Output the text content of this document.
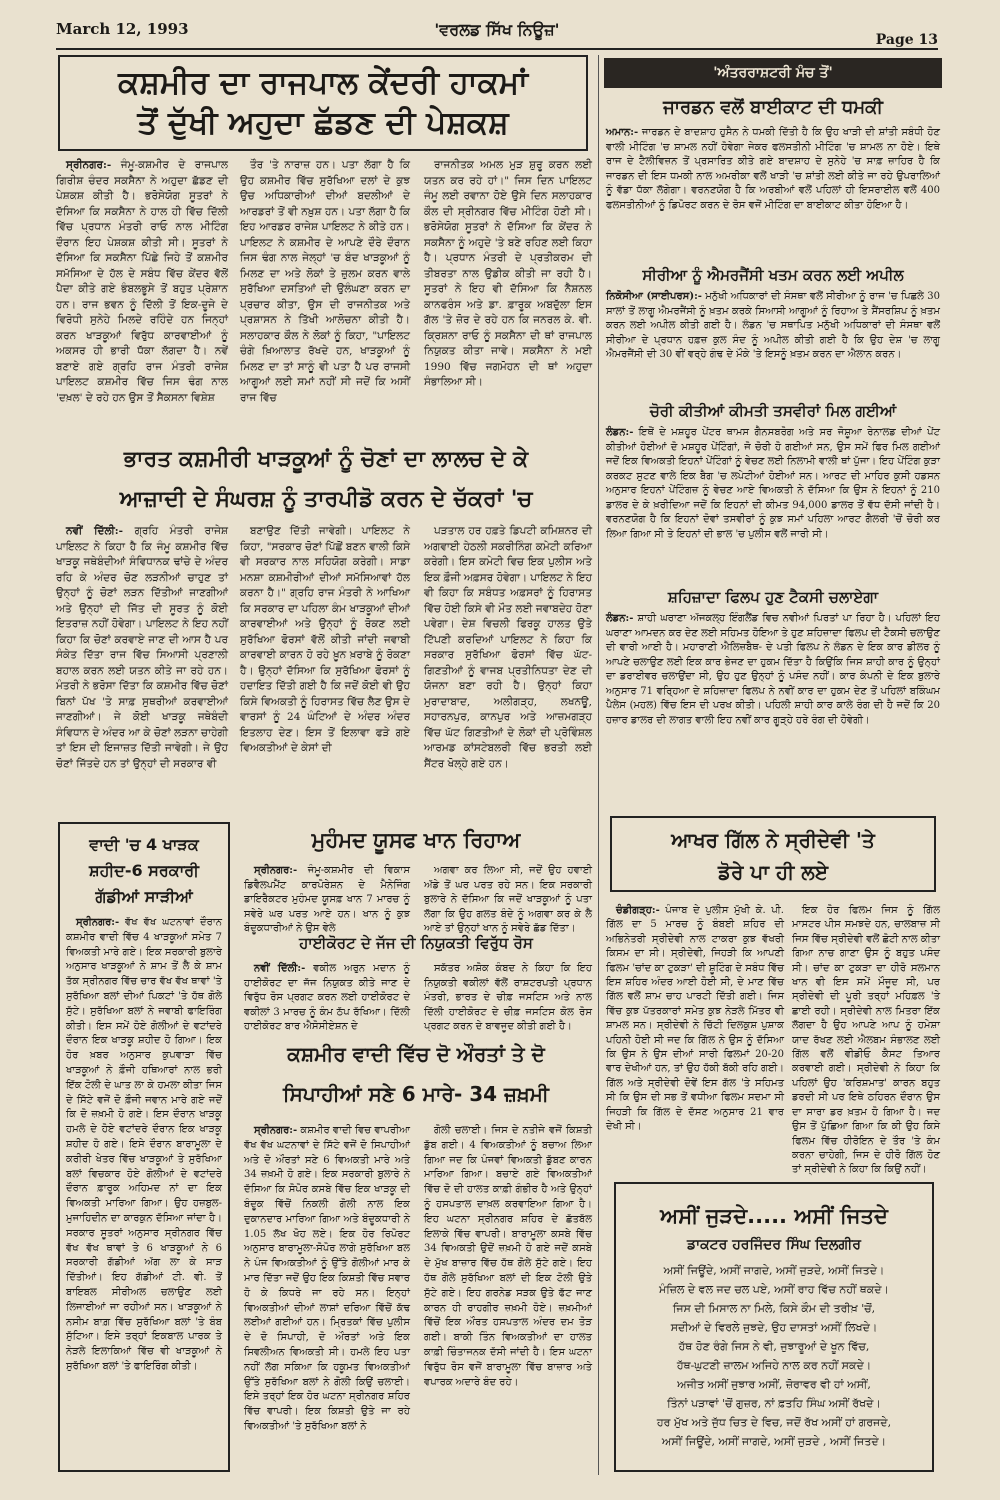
March 12, 1993	'ਵਰਲਡ ਸਿੱਖ ਨਿਊਜ਼'
Page 13
ਕਸ਼ਮੀਰ ਦਾ ਰਾਜਪਾਲ ਕੇਂਦਰੀ ਹਾਕਮਾਂ
ਤੋਂ ਦੁੱਖੀ ਅਹੁਦਾ ਛੱਡਣ ਦੀ ਪੇਸ਼ਕਸ਼

ਸ੍ਰੀਨਗਰ:- ਜੰਮੂ-ਕਸ਼ਮੀਰ ਦੇ ਰਾਜਪਾਲ ਗਿਰੀਸ਼ ਚੰਦਰ ਸਕਸੈਨਾ ਨੇ ਅਹੁਦਾ ਛੱਡਣ ਦੀ ਪੇਸ਼ਕਸ਼ ਕੀਤੀ ਹੈ। ਭਰੋਸੇਯੋਗ ਸੂਤਰਾਂ ਨੇ ਦੱਸਿਆ ਕਿ ਸਕਸੈਨਾ ਨੇ ਹਾਲ ਹੀ ਵਿੱਚ ਦਿੱਲੀ ਵਿੱਚ ਪ੍ਰਧਾਨ ਮੰਤਰੀ ਰਾਓ ਨਾਲ ਮੀਟਿੰਗ ਦੌਰਾਨ ਇਹ ਪੇਸ਼ਕਸ਼ ਕੀਤੀ ਸੀ। ਸੂਤਰਾਂ ਨੇ ਦੱਸਿਆ ਕਿ ਸਕਸੈਨਾ ਪਿੱਛੇ ਜਿਹੇ ਤੋਂ ਕਸ਼ਮੀਰ ਸਮੱਸਿਆ ਦੇ ਹੱਲ ਦੇ ਸਬੰਧ ਵਿੱਚ ਕੇਂਦਰ ਵੱਲੋਂ ਪੈਦਾ ਕੀਤੇ ਗਏ ਭੰਬਲਭੂਸੇ ਤੋਂ ਬਹੁਤ ਪ੍ਰੇਸ਼ਾਨ ਹਨ। ਰਾਜ ਭਵਨ ਨੂੰ ਦਿੱਲੀ ਤੋਂ ਇਕ-ਦੂਜੇ ਦੇ ਵਿਰੋਧੀ ਸੁਨੇਹੇ ਮਿਲਦੇ ਰਹਿੰਦੇ ਹਨ ਜਿਨ੍ਹਾਂ ਕਰਨ ਖਾੜਕੂਆਂ ਵਿਰੁੱਧ ਕਾਰਵਾਈਆਂ ਨੂੰ ਅਕਸਰ ਹੀ ਭਾਰੀ ਧੱਕਾ ਲੱਗਦਾ ਹੈ। ਨਵੇਂ ਬਣਾਏ ਗਏ ਗ੍ਰਹਿ ਰਾਜ ਮੰਤਰੀ ਰਾਜੇਸ਼ ਪਾਇਲਟ ਕਸ਼ਮੀਰ ਵਿੱਚ ਜਿਸ ਢੰਗ ਨਾਲ 'ਦਖ਼ਲ' ਦੇ ਰਹੇ ਹਨ ਉਸ ਤੋਂ ਸੈਕਸਨਾ ਵਿਸ਼ੇਸ਼

ਤੌਰ 'ਤੇ ਨਾਰਾਜ਼ ਹਨ। ਪਤਾ ਲੱਗਾ ਹੈ ਕਿ ਉਹ ਕਸ਼ਮੀਰ ਵਿੱਚ ਸੁਰੱਖਿਆ ਦਲਾਂ ਦੇ ਕੁਝ ਉਚ ਅਧਿਕਾਰੀਆਂ ਦੀਆਂ ਬਦਲੀਆਂ ਦੇ ਆਰਡਰਾਂ ਤੋਂ ਵੀ ਨਖ਼ੁਸ਼ ਹਨ। ਪਤਾ ਲੱਗਾ ਹੈ ਕਿ ਇਹ ਆਰਡਰ ਰਾਜੇਸ਼ ਪਾਇਲਟ ਨੇ ਕੀਤੇ ਹਨ। ਪਾਇਲਟ ਨੇ ਕਸ਼ਮੀਰ ਦੇ ਆਪਣੇ ਦੌਰੇ ਦੌਰਾਨ ਜਿਸ ਢੰਗ ਨਾਲ ਜੇਲ੍ਹਾਂ 'ਚ ਬੰਦ ਖਾੜਕੂਆਂ ਨੂੰ ਮਿਲਣ ਦਾ ਅਤੇ ਲੋਕਾਂ ਤੇ ਜ਼ੁਲਮ ਕਰਨ ਵਾਲੇ ਸੁਰੱਖਿਆ ਦਸਤਿਆਂ ਦੀ ਉਲੰਘਣਾ ਕਰਨ ਦਾ ਪ੍ਰਚਾਰ ਕੀਤਾ, ਉਸ ਦੀ ਰਾਜਨੀਤਕ ਅਤੇ ਪ੍ਰਸ਼ਾਸਨ ਨੇ ਤਿੱਖੀ ਆਲੋਚਨਾ ਕੀਤੀ ਹੈ। ਸਲਾਹਕਾਰ ਕੌਲ ਨੇ ਲੋਕਾਂ ਨੂੰ ਕਿਹਾ, "ਪਾਇਲਟ ਚੰਗੇ ਖ਼ਿਆਲਾਤ ਰੱਖਦੇ ਹਨ, ਖਾੜਕੂਆਂ ਨੂੰ ਮਿਲਣ ਦਾ ਤਾਂ ਸਾਨੂੰ ਵੀ ਪਤਾ ਹੈ ਪਰ ਰਾਜਸੀ ਆਗੂਆਂ ਲਈ ਸਮਾਂ ਨਹੀਂ ਸੀ ਜਦੋਂ ਕਿ ਅਸੀਂ ਰਾਜ ਵਿੱਚ

ਰਾਜਨੀਤਕ ਅਮਲ ਮੁੜ ਸ਼ੁਰੂ ਕਰਨ ਲਈ ਯਤਨ ਕਰ ਰਹੇ ਹਾਂ।" ਜਿਸ ਦਿਨ ਪਾਇਲਟ ਜੰਮੂ ਲਈ ਰਵਾਨਾ ਹੋਏ ਉਸੇ ਦਿਨ ਸਲਾਹਕਾਰ ਕੌਲ ਦੀ ਸ੍ਰੀਨਗਰ ਵਿੱਚ ਮੀਟਿੰਗ ਹੋਣੀ ਸੀ। ਭਰੋਸੇਯੋਗ ਸੂਤਰਾਂ ਨੇ ਦੱਸਿਆ ਕਿ ਕੇਂਦਰ ਨੇ ਸਕਸੈਨਾ ਨੂੰ ਅਹੁਦੇ 'ਤੇ ਬਣੇ ਰਹਿਣ ਲਈ ਕਿਹਾ ਹੈ। ਪ੍ਰਧਾਨ ਮੰਤਰੀ ਦੇ ਪ੍ਰਤੀਕਰਮ ਦੀ ਤੀਬਰਤਾ ਨਾਲ ਉਡੀਕ ਕੀਤੀ ਜਾ ਰਹੀ ਹੈ। ਸੂਤਰਾਂ ਨੇ ਇਹ ਵੀ ਦੱਸਿਆ ਕਿ ਨੈਸ਼ਨਲ ਕਾਨਫਰੰਸ ਅਤੇ ਡਾ. ਫ਼ਾਰੂਕ ਅਬਦੁੱਲਾ ਇਸ ਗੱਲ 'ਤੇ ਜ਼ੋਰ ਦੇ ਰਹੇ ਹਨ ਕਿ ਜਨਰਲ ਕੇ. ਵੀ. ਕ੍ਰਿਸ਼ਨਾ ਰਾਓ ਨੂੰ ਸਕਸੈਨਾ ਦੀ ਥਾਂ ਰਾਜਪਾਲ ਨਿਯੁਕਤ ਕੀਤਾ ਜਾਵੇ। ਸਕਸੈਨਾ ਨੇ ਮਈ 1990 ਵਿੱਚ ਜਗਮੋਹਨ ਦੀ ਥਾਂ ਅਹੁਦਾ ਸੰਭਾਲਿਆ ਸੀ।

ਭਾਰਤ ਕਸ਼ਮੀਰੀ ਖਾੜਕੂਆਂ ਨੂੰ ਚੋਣਾਂ ਦਾ ਲਾਲਚ ਦੇ ਕੇ
ਆਜ਼ਾਦੀ ਦੇ ਸੰਘਰਸ਼ ਨੂੰ ਤਾਰਪੀਡੋ ਕਰਨ ਦੇ ਚੱਕਰਾਂ 'ਚ

ਨਵੀਂ ਦਿੱਲੀ:- ਗ੍ਰਹਿ ਮੰਤਰੀ ਰਾਜੇਸ਼ ਪਾਇਲਟ ਨੇ ਕਿਹਾ ਹੈ ਕਿ ਜੰਮੂ ਕਸ਼ਮੀਰ ਵਿੱਚ ਖਾੜਕੂ ਜਥੇਬੰਦੀਆਂ ਸੰਵਿਧਾਨਕ ਢਾਂਚੇ ਦੇ ਅੰਦਰ ਰਹਿ ਕੇ ਅੰਦਰ ਚੋਣ ਲੜਨੀਆਂ ਚਾਹੁਣ ਤਾਂ ਉਨ੍ਹਾਂ ਨੂੰ ਚੋਣਾਂ ਲੜਨ ਦਿੱਤੀਆਂ ਜਾਣਗੀਆਂ ਅਤੇ ਉਨ੍ਹਾਂ ਦੀ ਜਿੱਤ ਦੀ ਸੂਰਤ ਨੂੰ ਕੋਈ ਇਤਰਾਜ਼ ਨਹੀਂ ਹੋਵੇਗਾ। ਪਾਇਲਟ ਨੇ ਇਹ ਨਹੀਂ ਕਿਹਾ ਕਿ ਚੋਣਾਂ ਕਰਵਾਏ ਜਾਣ ਦੀ ਆਸ ਹੈ ਪਰ ਸੰਕੇਤ ਦਿੱਤਾ ਰਾਜ ਵਿੱਚ ਸਿਆਸੀ ਪ੍ਰਣਾਲੀ ਬਹਾਲ ਕਰਨ ਲਈ ਯਤਨ ਕੀਤੇ ਜਾ ਰਹੇ ਹਨ। ਮੰਤਰੀ ਨੇ ਭਰੋਸਾ ਦਿੱਤਾ ਕਿ ਕਸ਼ਮੀਰ ਵਿੱਚ ਚੋਣਾਂ ਬਿਨਾਂ ਪੱਖ 'ਤੇ ਸਾਫ਼ ਸੁਥਰੀਆਂ ਕਰਵਾਈਆਂ ਜਾਣਗੀਆਂ। ਜੇ ਕੋਈ ਖਾੜਕੂ ਜਥੇਬੰਦੀ ਸੰਵਿਧਾਨ ਦੇ ਅੰਦਰ ਆ ਕੇ ਚੋਣਾਂ ਲੜਨਾ ਚਾਹੇਗੀ ਤਾਂ ਇਸ ਦੀ ਇਜਾਜ਼ਤ ਦਿੱਤੀ ਜਾਵੇਗੀ। ਜੇ ਉਹ ਚੋਣਾਂ ਜਿੱਤਦੇ ਹਨ ਤਾਂ ਉਨ੍ਹਾਂ ਦੀ ਸਰਕਾਰ ਵੀ

ਬਣਾਉਣ ਦਿੱਤੀ ਜਾਵੇਗੀ। ਪਾਇਲਟ ਨੇ ਕਿਹਾ, "ਸਰਕਾਰ ਚੋਣਾਂ ਪਿੱਛੋਂ ਬਣਨ ਵਾਲੀ ਕਿਸੇ ਵੀ ਸਰਕਾਰ ਨਾਲ ਸਹਿਯੋਗ ਕਰੇਗੀ। ਸਾਡਾ ਮਨਸ਼ਾ ਕਸ਼ਮੀਰੀਆਂ ਦੀਆਂ ਸਮੱਸਿਆਵਾਂ ਹੱਲ ਕਰਨਾ ਹੈ।" ਗ੍ਰਹਿ ਰਾਜ ਮੰਤਰੀ ਨੇ ਆਖਿਆ ਕਿ ਸਰਕਾਰ ਦਾ ਪਹਿਲਾ ਕੰਮ ਖਾੜਕੂਆਂ ਦੀਆਂ ਕਾਰਵਾਈਆਂ ਅਤੇ ਉਨ੍ਹਾਂ ਨੂੰ ਰੋਕਣ ਲਈ ਸੁਰੱਖਿਆ ਫੋਰਸਾਂ ਵੱਲੋਂ ਕੀਤੀ ਜਾਂਦੀ ਜਵਾਬੀ ਕਾਰਵਾਈ ਕਾਰਨ ਹੋ ਰਹੇ ਖ਼ੂਨ ਖ਼ਰਾਬੇ ਨੂੰ ਰੋਕਣਾ ਹੈ। ਉਨ੍ਹਾਂ ਦੱਸਿਆ ਕਿ ਸੁਰੱਖਿਆ ਫੋਰਸਾਂ ਨੂੰ ਹਦਾਇਤ ਦਿੱਤੀ ਗਈ ਹੈ ਕਿ ਜਦੋਂ ਕੋਈ ਵੀ ਉਹ ਕਿਸੇ ਵਿਅਕਤੀ ਨੂੰ ਹਿਰਾਸਤ ਵਿੱਚ ਲੈਣ ਉਸ ਦੇ ਵਾਰਸਾਂ ਨੂੰ 24 ਘੰਟਿਆਂ ਦੇ ਅੰਦਰ ਅੰਦਰ ਇਤਲਾਹ ਦੇਣ। ਇਸ ਤੋਂ ਇਲਾਵਾ ਫੜੇ ਗਏ ਵਿਅਕਤੀਆਂ ਦੇ ਕੇਸਾਂ ਦੀ

ਪੜਤਾਲ ਹਰ ਹਫ਼ਤੇ ਡਿਪਟੀ ਕਮਿਸ਼ਨਰ ਦੀ ਅਗਵਾਈ ਹੇਠਲੀ ਸਕਰੀਨਿੰਗ ਕਮੇਟੀ ਕਰਿਆ ਕਰੇਗੀ। ਇਸ ਕਮੇਟੀ ਵਿਚ ਇਕ ਪੁਲੀਸ ਅਤੇ ਇਕ ਫ਼ੌਜੀ ਅਫ਼ਸਰ ਹੋਵੇਗਾ। ਪਾਇਲਟ ਨੇ ਇਹ ਵੀ ਕਿਹਾ ਕਿ ਸਬੰਧਤ ਅਫ਼ਸਰਾਂ ਨੂੰ ਹਿਰਾਸਤ ਵਿੱਚ ਹੋਈ ਕਿਸੇ ਵੀ ਮੌਤ ਲਈ ਜਵਾਬਦੇਹ ਹੋਣਾ ਪਵੇਗਾ। ਦੇਸ਼ ਵਿਚਲੀ ਫਿਰਕੂ ਹਾਲਤ ਉਤੇ ਟਿੱਪਣੀ ਕਰਦਿਆਂ ਪਾਇਲਟ ਨੇ ਕਿਹਾ ਕਿ ਸਰਕਾਰ ਸੁਰੱਖਿਆ ਫੋਰਸਾਂ ਵਿੱਚ ਘੱਟ-ਗਿਣਤੀਆਂ ਨੂੰ ਵਾਜਬ ਪ੍ਰਤੀਨਿਧਤਾ ਦੇਣ ਦੀ ਯੋਜਨਾ ਬਣਾ ਰਹੀ ਹੈ। ਉਨ੍ਹਾਂ ਕਿਹਾ ਮੁਰਾਦਾਬਾਦ, ਅਲੀਗੜ੍ਹ, ਲਖਨਊ, ਸਹਾਰਨਪੁਰ, ਕਾਨਪੁਰ ਅਤੇ ਆਜ਼ਮਗੜ੍ਹ ਵਿੱਚ ਘੱਟ ਗਿਣਤੀਆਂ ਦੇ ਲੋਕਾਂ ਦੀ ਪ੍ਰੋਵਿੰਸ਼ਲ ਆਰਮਡ ਕਾਂਸਟੇਬਲਰੀ ਵਿੱਚ ਭਰਤੀ ਲਈ ਸੈਂਟਰ ਖੋਲ੍ਹੇ ਗਏ ਹਨ।

ਵਾਦੀ 'ਚ 4 ਖਾੜਕ
ਸ਼ਹੀਦ-6 ਸਰਕਾਰੀ
ਗੱਡੀਆਂ ਸਾੜੀਆਂ

ਸ੍ਰੀਨਗਰ:- ਵੱਖ ਵੱਖ ਘਟਨਾਵਾਂ ਦੌਰਾਨ ਕਸ਼ਮੀਰ ਵਾਦੀ ਵਿੱਚ 4 ਖਾੜਕੂਆਂ ਸਮੇਤ 7 ਵਿਅਕਤੀ ਮਾਰੇ ਗਏ। ਇਕ ਸਰਕਾਰੀ ਬੁਲਾਰੇ ਅਨੁਸਾਰ ਖਾੜਕੂਆਂ ਨੇ ਸ਼ਾਮ ਤੋਂ ਲੈ ਕੇ ਸ਼ਾਮ ਤੱਕ ਸ੍ਰੀਨਗਰ ਵਿੱਚ ਚਾਰ ਵੱਖ ਵੱਖ ਥਾਵਾਂ 'ਤੇ ਸੁਰੱਖਿਆ ਬਲਾਂ ਦੀਆਂ ਪਿਕਟਾਂ 'ਤੇ ਹੱਥ ਗੋਲੇ ਸੁੱਟੇ। ਸੁਰੱਖਿਆ ਬਲਾਂ ਨੇ ਜਵਾਬੀ ਫਾਇਰਿੰਗ ਕੀਤੀ। ਇਸ ਸਮੇਂ ਹੋਏ ਗੋਲੀਆਂ ਦੇ ਵਟਾਂਦਰੇ ਦੌਰਾਨ ਇਕ ਖਾੜਕੂ ਸ਼ਹੀਦ ਹੋ ਗਿਆ। ਇਕ ਹੋਰ ਖ਼ਬਰ ਅਨੁਸਾਰ ਕੁਪਵਾੜਾ ਵਿੱਚ ਖਾੜਕੂਆਂ ਨੇ ਫ਼ੌਜੀ ਹਥਿਆਰਾਂ ਨਾਲ ਭਰੀ ਇੱਕ ਟੋਲੀ ਦੇ ਘਾਤ ਲਾ ਕੇ ਹਮਲਾ ਕੀਤਾ ਜਿਸ ਦੇ ਸਿੱਟੇ ਵਜੋਂ ਦੋ ਫ਼ੌਜੀ ਜਵਾਨ ਮਾਰੇ ਗਏ ਜਦੋਂ ਕਿ ਦੋ ਜ਼ਖ਼ਮੀ ਹੋ ਗਏ। ਇਸ ਦੌਰਾਨ ਖਾੜਕੂ ਹਮਲੇ ਦੇ ਹੋਏ ਵਟਾਂਦਰੇ ਦੌਰਾਨ ਇਕ ਖਾੜਕੂ ਸ਼ਹੀਦ ਹੋ ਗਏ। ਇਸੇ ਦੌਰਾਨ ਬਾਰਾਮੂਲਾ ਦੇ ਕਰੀਰੀ ਖੇਤਰ ਵਿੱਚ ਖਾੜਕੂਆਂ ਤੇ ਸੁਰੱਖਿਆ ਬਲਾਂ ਵਿਚਕਾਰ ਹੋਏ ਗੋਲੀਆਂ ਦੇ ਵਟਾਂਦਰੇ ਦੌਰਾਨ ਫ਼ਾਰੂਕ ਅਹਿਮਦ ਨਾਂ ਦਾ ਇਕ ਵਿਅਕਤੀ ਮਾਰਿਆ ਗਿਆ। ਉਹ ਹਜ਼ਬੁਲ-ਮੁਜਾਹਿਦੀਨ ਦਾ ਕਾਰਕੁਨ ਦੱਸਿਆ ਜਾਂਦਾ ਹੈ। ਸਰਕਾਰ ਸੂਤਰਾਂ ਅਨੁਸਾਰ ਸ੍ਰੀਨਗਰ ਵਿੱਚ ਵੱਖ ਵੱਖ ਥਾਵਾਂ ਤੇ 6 ਖਾੜਕੂਆਂ ਨੇ 6 ਸਰਕਾਰੀ ਗੱਡੀਆਂ ਅੱਗ ਲਾ ਕੇ ਸਾੜ ਦਿੱਤੀਆਂ। ਇਹ ਗੱਡੀਆਂ ਟੀ. ਵੀ. ਤੋਂ ਬਾਇਬਲ ਸੀਰੀਅਲ ਚਲਾਉਣ ਲਈ ਲਿਜਾਈਆਂ ਜਾ ਰਹੀਆਂ ਸਨ। ਖਾੜਕੂਆਂ ਨੇ ਨਸੀਮ ਬਾਗ਼ ਵਿੱਚ ਸੁਰੱਖਿਆ ਬਲਾਂ 'ਤੇ ਬੰਬ ਸੁੱਟਿਆ। ਇਸੇ ਤਰ੍ਹਾਂ ਇਕਬਾਲ ਪਾਰਕ ਤੇ ਨੇੜਲੇ ਇਲਾਕਿਆਂ ਵਿੱਚ ਵੀ ਖਾੜਕੂਆਂ ਨੇ ਸੁਰੱਖਿਆ ਬਲਾਂ 'ਤੇ ਫਾਇਰਿੰਗ ਕੀਤੀ।

ਮੁਹੰਮਦ ਯੂਸਫ ਖਾਨ ਰਿਹਾਅ

ਸ੍ਰੀਨਗਰ:- ਜੰਮੂ-ਕਸ਼ਮੀਰ ਦੀ ਵਿਕਾਸ ਡਿਵੈਲਪਮੈਂਟ ਕਾਰਪੋਰੇਸ਼ਨ ਦੇ ਮੈਨੇਜਿੰਗ ਡਾਇਰੈਕਟਰ ਮੁਹੰਮਦ ਯੂਸਫ਼ ਖਾਨ 7 ਮਾਰਚ ਨੂੰ ਸਵੇਰੇ ਘਰ ਪਰਤ ਆਏ ਹਨ। ਖਾਨ ਨੂੰ ਕੁਝ ਬੰਦੂਕਧਾਰੀਆਂ ਨੇ ਉਸ ਵੇਲੇ

ਅਗਵਾ ਕਰ ਲਿਆ ਸੀ, ਜਦੋਂ ਉਹ ਹਵਾਈ ਅੱਡੇ ਤੋਂ ਘਰ ਪਰਤ ਰਹੇ ਸਨ। ਇਕ ਸਰਕਾਰੀ ਬੁਲਾਰੇ ਨੇ ਦੱਸਿਆ ਕਿ ਜਦੋਂ ਖਾੜਕੂਆਂ ਨੂੰ ਪਤਾ ਲੱਗਾ ਕਿ ਉਹ ਗਲਤ ਬੰਦੇ ਨੂੰ ਅਗਵਾ ਕਰ ਕੇ ਲੈ ਆਏ ਤਾਂ ਉਨ੍ਹਾਂ ਖਾਨ ਨੂੰ ਸਵੇਰੇ ਛੱਡ ਦਿੱਤਾ।

ਹਾਈਕੋਰਟ ਦੇ ਜੱਜ ਦੀ ਨਿਯੁਕਤੀ ਵਿਰੁੱਧ ਰੋਸ

ਨਵੀਂ ਦਿੱਲੀ:- ਵਕੀਲ ਅਰੁਨ ਮਦਾਨ ਨੂੰ ਹਾਈਕੋਰਟ ਦਾ ਜੱਜ ਨਿਯੁਕਤ ਕੀਤੇ ਜਾਣ ਦੇ ਵਿਰੁੱਧ ਰੋਸ ਪ੍ਰਗਟ ਕਰਨ ਲਈ ਹਾਈਕੋਰਟ ਦੇ ਵਕੀਲਾਂ 3 ਮਾਰਚ ਨੂੰ ਕੰਮ ਠੱਪ ਰੱਖਿਆ। ਦਿੱਲੀ ਹਾਈਕੋਰਟ ਬਾਰ ਐਸੋਸੀਏਸ਼ਨ ਦੇ

ਸਕੱਤਰ ਅਸ਼ੋਕ ਕੰਬਦ ਨੇ ਕਿਹਾ ਕਿ ਇਹ ਨਿਯੁਕਤੀ ਵਕੀਲਾਂ ਵੱਲੋਂ ਰਾਸ਼ਟਰਪਤੀ ਪ੍ਰਧਾਨ ਮੰਤਰੀ, ਭਾਰਤ ਦੇ ਚੀਫ਼ ਜਸਟਿਸ ਅਤੇ ਨਾਲ ਦਿੱਲੀ ਹਾਈਕੋਰਟ ਦੇ ਚੀਫ਼ ਜਸਟਿਸ ਕੋਲ ਰੋਸ ਪ੍ਰਗਟ ਕਰਨ ਦੇ ਬਾਵਜੂਦ ਕੀਤੀ ਗਈ ਹੈ।

ਕਸ਼ਮੀਰ ਵਾਦੀ ਵਿੱਚ ਦੋ ਔਰਤਾਂ ਤੇ ਦੋ
ਸਿਪਾਹੀਆਂ ਸਣੇ 6 ਮਾਰੇ- 34 ਜ਼ਖ਼ਮੀ

ਸ੍ਰੀਨਗਰ:- ਕਸ਼ਮੀਰ ਵਾਦੀ ਵਿਚ ਵਾਪਰੀਆ ਵੱਖ ਵੱਖ ਘਟਨਾਵਾਂ ਦੇ ਸਿੱਟੇ ਵਜੋਂ ਦੋ ਸਿਪਾਹੀਆਂ ਅਤੇ ਦੋ ਔਰਤਾਂ ਸਣੇ 6 ਵਿਅਕਤੀ ਮਾਰੇ ਅਤੇ 34 ਜ਼ਖ਼ਮੀ ਹੋ ਗਏ। ਇਕ ਸਰਕਾਰੀ ਬੁਲਾਰੇ ਨੇ ਦੱਸਿਆ ਕਿ ਸੋਪੋਰ ਕਸਬੇ ਵਿੱਚ ਇਕ ਖਾੜਕੂ ਦੀ ਬੰਦੂਕ ਵਿੱਚੋਂ ਨਿਕਲੀ ਗੋਲੀ ਨਾਲ ਇਕ ਦੁਕਾਨਦਾਰ ਮਾਰਿਆ ਗਿਆ ਅਤੇ ਬੰਦੂਕਧਾਰੀ ਨੇ 1.05 ਲੱਖ ਖੋਹ ਲਏ। ਇਕ ਹੋਰ ਰਿਪੋਰਟ ਅਨੁਸਾਰ ਬਾਰਾਮੂਲਾ-ਸੋਪੋਰ ਲਾਗੇ ਸੁਰੱਖਿਆ ਬਲ ਨੇ ਪੰਜ ਵਿਅਕਤੀਆਂ ਨੂੰ ਉੱਤੇ ਗੋਲੀਆਂ ਮਾਰ ਕੇ ਮਾਰ ਦਿੱਤਾ ਜਦੋਂ ਉਹ ਇਕ ਕਿਸ਼ਤੀ ਵਿੱਚ ਸਵਾਰ ਹੋ ਕੇ ਕਿਧਰੇ ਜਾ ਰਹੇ ਸਨ। ਇਨ੍ਹਾਂ ਵਿਅਕਤੀਆਂ ਦੀਆਂ ਲਾਸ਼ਾਂ ਦਰਿਆ ਵਿੱਚੋਂ ਕੱਢ ਲਈਆਂ ਗਈਆਂ ਹਨ। ਮ੍ਰਿਤਕਾਂ ਵਿੱਚ ਪੁਲੀਸ ਦੇ ਦੋ ਸਿਪਾਹੀ, ਦੋ ਔਰਤਾਂ ਅਤੇ ਇਕ ਸਿਵਲੀਅਨ ਵਿਅਕਤੀ ਸੀ। ਹਮਲੇ ਇਹ ਪਤਾ ਨਹੀਂ ਲੱਗ ਸਕਿਆ ਕਿ ਹਕੂਮਤ ਵਿਅਕਤੀਆਂ ਉੱਤੇ ਸੁਰੱਖਿਆ ਬਲਾਂ ਨੇ ਗੋਲੀ ਕਿਉਂ ਚਲਾਈ। ਇਸੇ ਤਰ੍ਹਾਂ ਇਕ ਹੋਰ ਘਟਨਾ ਸ੍ਰੀਨਗਰ ਸ਼ਹਿਰ ਵਿੱਚ ਵਾਪਰੀ। ਇਕ ਕਿਸ਼ਤੀ ਉਤੇ ਜਾ ਰਹੇ ਵਿਅਕਤੀਆਂ 'ਤੇ ਸੁਰੱਖਿਆ ਬਲਾਂ ਨੇ

ਗੋਲੀ ਚਲਾਈ। ਜਿਸ ਦੇ ਨਤੀਜੇ ਵਜੋਂ ਕਿਸ਼ਤੀ ਡੁੱਬ ਗਈ। 4 ਵਿਅਕਤੀਆਂ ਨੂੰ ਬਚਾਅ ਲਿਆ ਗਿਆ ਜਦ ਕਿ ਪੰਜਵਾਂ ਵਿਅਕਤੀ ਡੁੱਬਣ ਕਾਰਨ ਮਾਰਿਆ ਗਿਆ। ਬਚਾਏ ਗਏ ਵਿਅਕਤੀਆਂ ਵਿੱਚ ਦੋ ਦੀ ਹਾਲਤ ਕਾਫ਼ੀ ਗੰਭੀਰ ਹੈ ਅਤੇ ਉਨ੍ਹਾਂ ਨੂੰ ਹਸਪਤਾਲ ਦਾਖ਼ਲ ਕਰਵਾਇਆ ਗਿਆ ਹੈ। ਇਹ ਘਟਨਾ ਸ੍ਰੀਨਗਰ ਸ਼ਹਿਰ ਦੇ ਛੱਤਬੱਲ ਇਲਾਕੇ ਵਿੱਚ ਵਾਪਰੀ। ਬਾਰਾਮੂਲਾ ਕਸਬੇ ਵਿੱਚ 34 ਵਿਅਕਤੀ ਉਦੋਂ ਜ਼ਖ਼ਮੀ ਹੋ ਗਏ ਜਦੋਂ ਕਸਬੇ ਦੇ ਮੁੱਖ ਬਾਜ਼ਾਰ ਵਿੱਚ ਹੱਥ ਗੋਲੇ ਸੁੱਟੇ ਗਏ। ਇਹ ਹੱਥ ਗੋਲੇ ਸੁਰੱਖਿਆ ਬਲਾਂ ਦੀ ਇਕ ਟੋਲੀ ਉਤੇ ਸੁੱਟੇ ਗਏ। ਇਹ ਗਰਨੇਡ ਸੜਕ ਉਤੇ ਫੱਟ ਜਾਣ ਕਾਰਨ ਹੀ ਰਾਹਗੀਰ ਜ਼ਖ਼ਮੀ ਹੋਏ। ਜ਼ਖ਼ਮੀਆਂ ਵਿੱਚੋਂ ਇਕ ਔਰਤ ਹਸਪਤਾਲ ਅੰਦਰ ਦਮ ਤੋੜ ਗਈ। ਬਾਕੀ ਤਿੰਨ ਵਿਅਕਤੀਆਂ ਦਾ ਹਾਲਤ ਕਾਫ਼ੀ ਚਿੰਤਾਜਨਕ ਦੱਸੀ ਜਾਂਦੀ ਹੈ। ਇਸ ਘਟਨਾ ਵਿਰੁੱਧ ਰੋਸ ਵਜੋਂ ਬਾਰਾਮੂਲਾ ਵਿੱਚ ਬਾਜ਼ਾਰ ਅਤੇ ਵਪਾਰਕ ਅਦਾਰੇ ਬੰਦ ਰਹੇ।

'ਅੰਤਰਰਾਸ਼ਟਰੀ ਮੰਚ ਤੋਂ'
ਜਾਰਡਨ ਵਲੋਂ ਬਾਈਕਾਟ ਦੀ ਧਮਕੀ

ਅਮਾਨ:- ਜਾਰਡਨ ਦੇ ਬਾਦਸ਼ਾਹ ਹੁਸੈਨ ਨੇ ਧਮਕੀ ਦਿੱਤੀ ਹੈ ਕਿ ਉਹ ਖਾੜੀ ਦੀ ਸ਼ਾਂਤੀ ਸਬੰਧੀ ਹੋਣ ਵਾਲੀ ਮੀਟਿੰਗ 'ਚ ਸ਼ਾਮਲ ਨਹੀਂ ਹੋਵੇਗਾ ਜੇਕਰ ਫਲਸਤੀਨੀ ਮੀਟਿੰਗ 'ਚ ਸ਼ਾਮਲ ਨਾ ਹੋਏ। ਇਥੇ ਰਾਜ ਦੇ ਟੈਲੀਵਿਜ਼ਨ ਤੋਂ ਪ੍ਰਸਾਰਿਤ ਕੀਤੇ ਗਏ ਬਾਦਸ਼ਾਹ ਦੇ ਸੁਨੇਹੇ 'ਚ ਸਾਫ਼ ਜ਼ਾਹਿਰ ਹੈ ਕਿ ਜਾਰਡਨ ਦੀ ਇਸ ਧਮਕੀ ਨਾਲ ਅਮਰੀਕਾ ਵਲੋਂ ਖਾੜੀ 'ਚ ਸ਼ਾਂਤੀ ਲਈ ਕੀਤੇ ਜਾ ਰਹੇ ਉਪਰਾਲਿਆਂ ਨੂੰ ਵੱਡਾ ਧੱਕਾ ਲੱਗੇਗਾ। ਵਰਨਣਯੋਗ ਹੈ ਕਿ ਅਰਬੀਆਂ ਵਲੋਂ ਪਹਿਲਾਂ ਹੀ ਇਸਰਾਈਲ ਵਲੋਂ 400 ਫਲਸਤੀਨੀਆਂ ਨੂੰ ਡਿਪੋਰਟ ਕਰਨ ਦੇ ਰੋਸ ਵਜੋਂ ਮੀਟਿੰਗ ਦਾ ਬਾਈਕਾਟ ਕੀਤਾ ਹੋਇਆ ਹੈ।

ਸੀਰੀਆ ਨੂੰ ਐਮਰਜੈਂਸੀ ਖਤਮ ਕਰਨ ਲਈ ਅਪੀਲ

ਨਿਕੋਸੀਆ (ਸਾਈਪਰਸ):- ਮਨੁੱਖੀ ਅਧਿਕਾਰਾਂ ਦੀ ਸੰਸਥਾ ਵਲੋਂ ਸੀਰੀਆ ਨੂੰ ਰਾਜ 'ਚ ਪਿਛਲੇ 30 ਸਾਲਾਂ ਤੋਂ ਲਾਗੂ ਐਮਰਜੈਂਸੀ ਨੂੰ ਖ਼ਤਮ ਕਰਕੇ ਸਿਆਸੀ ਆਗੂਆਂ ਨੂੰ ਰਿਹਾਅ ਤੇ ਸੈਂਸਰਸ਼ਿਪ ਨੂੰ ਖ਼ਤਮ ਕਰਨ ਲਈ ਅਪੀਲ ਕੀਤੀ ਗਈ ਹੈ। ਲੰਡਨ 'ਚ ਸਥਾਪਿਤ ਮਨੁੱਖੀ ਅਧਿਕਾਰਾਂ ਦੀ ਸੰਸਥਾ ਵਲੋਂ ਸੀਰੀਆ ਦੇ ਪ੍ਰਧਾਨ ਹਫ਼ਜ਼ ਕੁਲ ਸੰਦ ਨੂੰ ਅਪੀਲ ਕੀਤੀ ਗਈ ਹੈ ਕਿ ਉਹ ਦੇਸ਼ 'ਚ ਲਾਗੂ ਐਮਰਜੈਂਸੀ ਦੀ 30 ਵੀਂ ਵਰ੍ਹੇ ਗੰਢ ਦੇ ਮੌਕੇ 'ਤੇ ਇਸਨੂੰ ਖ਼ਤਮ ਕਰਨ ਦਾ ਐਲਾਨ ਕਰਨ।

ਚੋਰੀ ਕੀਤੀਆਂ ਕੀਮਤੀ ਤਸਵੀਰਾਂ ਮਿਲ ਗਈਆਂ

ਲੰਡਨ:- ਇਥੋਂ ਦੇ ਮਸ਼ਹੂਰ ਪੇਂਟਰ ਥਾਮਸ ਗੈਨਸਬਰੋਗ ਅਤੇ ਸਰ ਜੋਸ਼ੂਆ ਰੇਨਾਲਡ ਦੀਆਂ ਪੇਂਟ ਕੀਤੀਆਂ ਹੋਈਆਂ ਦੋ ਮਸ਼ਹੂਰ ਪੇਂਟਿੰਗਾਂ, ਜੋ ਚੋਰੀ ਹੋ ਗਈਆਂ ਸਨ, ਉਸ ਸਮੇਂ ਫਿਰ ਮਿਲ ਗਈਆਂ ਜਦੋਂ ਇਕ ਵਿਅਕਤੀ ਇਹਨਾਂ ਪੇਂਟਿੰਗਾਂ ਨੂੰ ਵੇਚਣ ਲਈ ਨਿਲਾਮੀ ਵਾਲੀ ਥਾਂ ਪੁੱਜਾ। ਇਹ ਪੇਂਟਿੰਗ ਕੁੜਾ ਕਰਕਟ ਸੁਟਣ ਵਾਲੇ ਇਕ ਬੈਗ 'ਚ ਲਪੇਟੀਆਂ ਹੋਈਆਂ ਸਨ। ਆਰਟ ਦੀ ਮਾਹਿਰ ਕੁਸੀ ਹਡਸਨ ਅਨੁਸਾਰ ਇਹਨਾਂ ਪੇਂਟਿੰਗਜ਼ ਨੂੰ ਵੇਚਣ ਆਏ ਵਿਅਕਤੀ ਨੇ ਦੱਸਿਆ ਕਿ ਉਸ ਨੇ ਇਹਨਾਂ ਨੂੰ 210 ਡਾਲਰ ਦੇ ਕੇ ਖ਼ਰੀਦਿਆ ਜਦੋਂ ਕਿ ਇਹਨਾਂ ਦੀ ਕੀਮਤ 94,000 ਡਾਲਰ ਤੋਂ ਵੱਧ ਦੱਸੀ ਜਾਂਦੀ ਹੈ। ਵਰਨਣਯੋਗ ਹੈ ਕਿ ਇਹਨਾਂ ਦੋਵਾਂ ਤਸਵੀਰਾਂ ਨੂੰ ਕੁਝ ਸਮਾਂ ਪਹਿਲਾ ਆਰਟ ਗੈਲਰੀ 'ਚੋਂ ਚੋਰੀ ਕਰ ਲਿਆ ਗਿਆ ਸੀ ਤੇ ਇਹਨਾਂ ਦੀ ਭਾਲ 'ਚ ਪੁਲੀਸ ਵਲੋਂ ਜਾਰੀ ਸੀ।

ਸ਼ਹਿਜ਼ਾਦਾ ਫਿਲਪ ਹੁਣ ਟੈਕਸੀ ਚਲਾਏਗਾ

ਲੰਡਨ:- ਸ਼ਾਹੀ ਘਰਾਣਾ ਅੱਜਕਲ੍ਹ ਇੰਗਲੈਂਡ ਵਿਚ ਨਵੀਆਂ ਪਿਰਤਾਂ ਪਾ ਰਿਹਾ ਹੈ। ਪਹਿਲਾਂ ਇਹ ਘਰਾਣਾ ਆਮਦਨ ਕਰ ਦੇਣ ਲਈ ਸਹਿਮਤ ਹੋਇਆ ਤੇ ਹੁਣ ਸ਼ਹਿਜ਼ਾਦਾ ਫਿਲਪ ਦੀ ਟੈਕਸੀ ਚਲਾਉਣ ਦੀ ਵਾਰੀ ਆਈ ਹੈ। ਮਹਾਰਾਣੀ ਐਲਿਜ਼ਬੈਥ- ਦੇ ਪਤੀ ਫਿਲਪ ਨੇ ਲੰਡਨ ਦੇ ਇਕ ਕਾਰ ਡੀਲਰ ਨੂੰ ਆਪਣੇ ਚਲਾਉਣ ਲਈ ਇਕ ਕਾਰ ਭੇਜਣ ਦਾ ਹੁਕਮ ਦਿੱਤਾ ਹੈ ਕਿਉਂਕਿ ਜਿਸ ਸ਼ਾਹੀ ਕਾਰ ਨੂੰ ਉਨ੍ਹਾਂ ਦਾ ਡਰਾਈਵਰ ਚਲਾਉਂਦਾ ਸੀ, ਉਹ ਹੁਣ ਉਨ੍ਹਾਂ ਨੂੰ ਪਸੰਦ ਨਹੀਂ। ਕਾਰ ਕੰਪਨੀ ਦੇ ਇਕ ਬੁਲਾਰੇ ਅਨੁਸਾਰ 71 ਵਰ੍ਹਿਆ ਦੇ ਸ਼ਹਿਜ਼ਾਦਾ ਫਿਲਪ ਨੇ ਨਵੀਂ ਕਾਰ ਦਾ ਹੁਕਮ ਦੇਣ ਤੋਂ ਪਹਿਲਾਂ ਬਕਿੰਘਮ ਪੈਲੇਸ (ਮਹਲ) ਵਿੱਚ ਇਸ ਦੀ ਪਰਖ ਕੀਤੀ। ਪਹਿਲੀ ਸ਼ਾਹੀ ਕਾਰ ਕਾਲੇ ਰੰਗ ਦੀ ਹੈ ਜਦੋਂ ਕਿ 20 ਹਜ਼ਾਰ ਡਾਲਰ ਦੀ ਲਾਗਤ ਵਾਲੀ ਇਹ ਨਵੀਂ ਕਾਰ ਗੂੜ੍ਹੇ ਹਰੇ ਰੰਗ ਦੀ ਹੋਵੇਗੀ।

ਆਖਰ ਗਿੱਲ ਨੇ ਸ੍ਰੀਦੇਵੀ 'ਤੇ
ਡੋਰੇ ਪਾ ਹੀ ਲਏ

ਚੰਡੀਗੜ੍ਹ:- ਪੰਜਾਬ ਦੇ ਪੁਲੀਸ ਮੁੱਖੀ ਕੇ. ਪੀ. ਗਿੱਲ ਦਾ 5 ਮਾਰਚ ਨੂੰ ਬੰਬਈ ਸ਼ਹਿਰ ਦੀ ਅਭਿਨੇਤਰੀ ਸ੍ਰੀਦੇਵੀ ਨਾਲ ਟਾਕਰਾ ਕੁਝ ਵੱਖਰੀ ਕਿਸਮ ਦਾ ਸੀ। ਸ੍ਰੀਦੇਵੀ, ਜਿਹੜੀ ਕਿ ਆਪਣੀ ਫਿਲਮ 'ਚਾਂਦ ਕਾ ਟੁਕੜਾ' ਦੀ ਸ਼ੂਟਿੰਗ ਦੇ ਸਬੰਧ ਵਿੱਚ ਇਸ ਸ਼ਹਿਰ ਅੰਦਰ ਆਈ ਹੋਈ ਸੀ, ਦੇ ਮਾਣ ਵਿੱਚ ਗਿੱਲ ਵਲੋਂ ਸ਼ਾਮ ਚਾਹ ਪਾਰਟੀ ਦਿੱਤੀ ਗਈ। ਜਿਸ ਵਿੱਚ ਕੁਝ ਪੱਤਰਕਾਰਾਂ ਸਮੇਤ ਕੁਝ ਨੇੜਲੇ ਮਿੱਤਰ ਵੀ ਸ਼ਾਮਲ ਸਨ। ਸ੍ਰੀਦੇਵੀ ਨੇ ਚਿੱਟੀ ਦਿਲਕੁਸ਼ ਪੁਸ਼ਾਕ ਪਹਿਨੀ ਹੋਈ ਸੀ ਜਦ ਕਿ ਗਿੱਲ ਨੇ ਉਸ ਨੂੰ ਦੱਸਿਆ ਕਿ ਉਸ ਨੇ ਉਸ ਦੀਆਂ ਸਾਰੀ ਫਿਲਮਾਂ 20-20 ਵਾਰ ਦੇਖੀਆਂ ਹਨ, ਤਾਂ ਉਹ ਹੱਕੀ ਬੱਕੀ ਰਹਿ ਗਈ। ਗਿੱਲ ਅਤੇ ਸ੍ਰੀਦੇਵੀ ਦੋਵੇਂ ਇਸ ਗੱਲ 'ਤੇ ਸਹਿਮਤ ਸੀ ਕਿ ਉਸ ਦੀ ਸਭ ਤੋਂ ਵਧੀਆ ਫਿਲਮ ਸਦਮਾ ਸੀ ਜਿਹੜੀ ਕਿ ਗਿੱਲ ਦੇ ਦੱਸਣ ਅਨੁਸਾਰ 21 ਵਾਰ ਦੇਖੀ ਸੀ।

ਇਕ ਹੋਰ ਫਿਲਮ ਜਿਸ ਨੂੰ ਗਿੱਲ ਮਾਸਟਰ ਪੀਸ ਸਮਝਦੇ ਹਨ, ਚਾਲਬਾਜ਼ ਸੀ ਜਿਸ ਵਿੱਚ ਸ੍ਰੀਦੇਵੀ ਵਲੋਂ ਛੋਟੀ ਨਾਲ ਕੀਤਾ ਗਿਆ ਨਾਚ ਗਾਣਾ ਉਸ ਨੂੰ ਬਹੁਤ ਪਸੰਦ ਸੀ। ਚਾਂਦ ਕਾ ਟੁਕੜਾ ਦਾ ਹੀਰੋ ਸਲਮਾਨ ਖਾਨ ਵੀ ਇਸ ਸਮੇਂ ਮੌਜੂਦ ਸੀ, ਪਰ ਸ੍ਰੀਦੇਵੀ ਦੀ ਪੂਰੀ ਤਰ੍ਹਾਂ ਮਹਿਫ਼ਲ 'ਤੇ ਛਾਈ ਰਹੀ। ਸ੍ਰੀਦੇਵੀ ਨਾਲ ਮਿਤਰਾ ਇੱਕ ਲੱਗਦਾ ਹੈ ਉਹ ਆਪਣੇ ਆਪ ਨੂੰ ਹਮੇਸ਼ਾ ਯਾਦ ਰੱਖਣ ਲਈ ਐਲਬਮ ਸੰਭਾਲਣ ਲਈ ਗਿੱਲ ਵਲੋਂ ਵੀਡੀਓ ਕੈਸਟ ਤਿਆਰ ਕਰਵਾਈ ਗਈ। ਸ੍ਰੀਦੇਵੀ ਨੇ ਕਿਹਾ ਕਿ ਪਹਿਲਾਂ ਉਹ 'ਕਰਿਸ਼ਮਾਤ' ਕਾਰਨ ਬਹੁਤ ਡਰਦੀ ਸੀ ਪਰ ਇਥੇ ਠਹਿਰਨ ਦੌਰਾਨ ਉਸ ਦਾ ਸਾਰਾ ਡਰ ਖ਼ਤਮ ਹੋ ਗਿਆ ਹੈ। ਜਦ ਉਸ ਤੋਂ ਪੁੱਛਿਆ ਗਿਆ ਕਿ ਕੀ ਉਹ ਕਿਸੇ ਫਿਲਮ ਵਿੱਚ ਹੀਰੋਇਨ ਦੇ ਤੌਰ 'ਤੇ ਕੰਮ ਕਰਨਾ ਚਾਹੇਗੀ, ਜਿਸ ਦੇ ਹੀਰੋ ਗਿੱਲ ਹੋਣ ਤਾਂ ਸ੍ਰੀਦੇਵੀ ਨੇ ਕਿਹਾ ਕਿ ਕਿਉਂ ਨਹੀਂ।

ਅਸੀਂ ਜੁੜਦੇ..... ਅਸੀਂ ਜਿਤਦੇ
ਡਾਕਟਰ ਹਰਜਿੰਦਰ ਸਿੰਘ ਦਿਲਗੀਰ
ਅਸੀਂ ਜਿਊਂਦੇ, ਅਸੀਂ ਜਾਗਦੇ, ਅਸੀਂ ਜੁੜਦੇ, ਅਸੀਂ ਜਿਤਦੇ।
ਮੰਜ਼ਿਲ ਦੇ ਵਲ ਜਦ ਚਲ ਪਏ, ਅਸੀਂ ਰਾਹ ਵਿੱਚ ਨਹੀਂ ਥਕਦੇ।
ਜਿਸ ਦੀ ਮਿਸਾਲ ਨਾ ਮਿਲੇ, ਕਿਸੇ ਕੌਮ ਦੀ ਤਰੀਖ਼ 'ਚੋਂ,
ਸਦੀਆਂ ਦੇ ਵਿਰਲੇ ਜੁਝਦੇ, ਉਹ ਦਾਸਤਾਂ ਅਸੀਂ ਲਿਖਦੇ।
ਹੱਥ ਹੋਣ ਰੰਗੇ ਜਿਸ ਨੇ ਵੀ, ਜੁਝਾਰੂਆਂ ਦੇ ਖੂਨ ਵਿੱਚ,
ਹੱਥ-ਘੁਟਣੀ ਜ਼ਾਲਮ ਅਜਿਹੇ ਨਾਲ ਕਰ ਨਹੀਂ ਸਕਦੇ।
ਅਜੀਤ ਅਸੀਂ ਜੁਝਾਰ ਅਸੀਂ, ਜ਼ੋਰਾਵਰ ਵੀ ਹਾਂ ਅਸੀਂ,
ਤਿੰਨਾਂ ਪੜਾਵਾਂ 'ਚੋਂ ਗੁਜ਼ਰ, ਨਾਂ ਫ਼ਤਹਿ ਸਿੰਘ ਅਸੀਂ ਰੱਖਦੇ।
ਹਰ ਮੁੱਖ ਅਤੇ ਜੁੱਧ ਚਿਤ ਦੇ ਵਿਚ, ਜਦੋਂ ਰੱਖ ਅਸੀਂ ਹਾਂ ਗਰਜਦੇ,
ਅਸੀਂ ਜਿਊਂਦੇ, ਅਸੀਂ ਜਾਗਦੇ, ਅਸੀਂ ਜੁੜਦੇ , ਅਸੀਂ ਜਿਤਦੇ।
